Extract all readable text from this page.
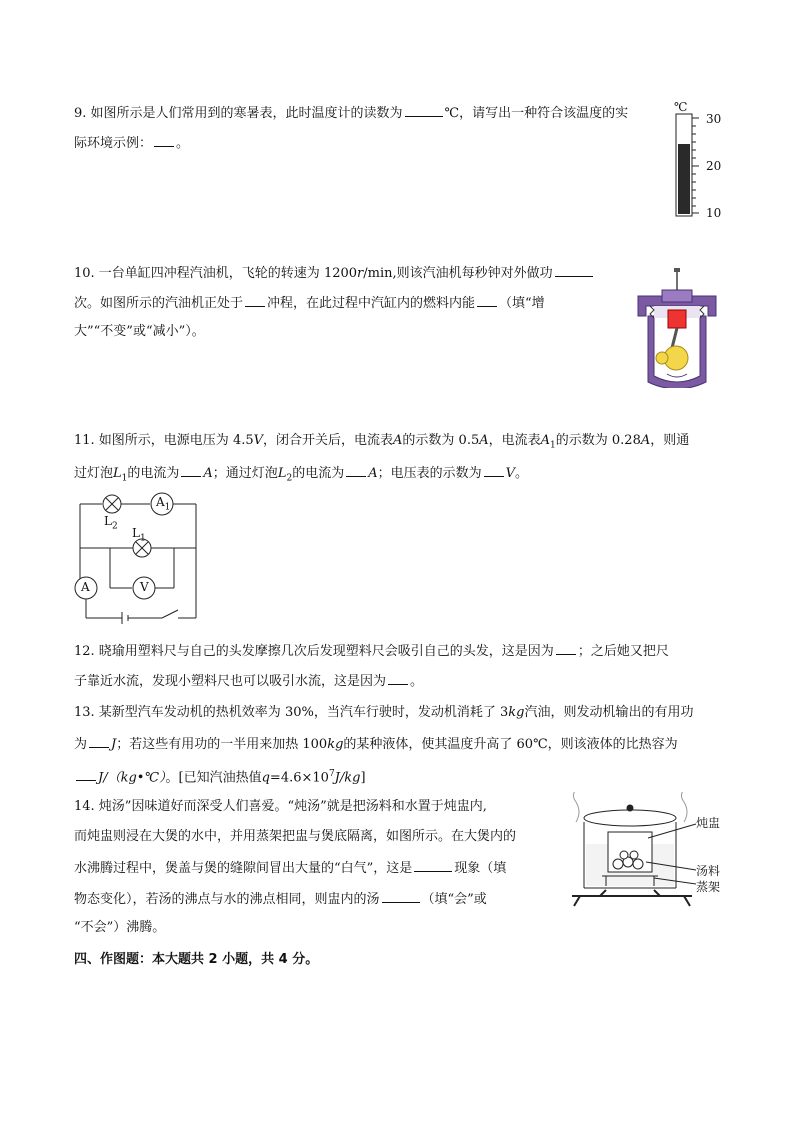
9. 如图所示是人们常用到的寒暑表，此时温度计的读数为	℃，请写出一种符合该温度的实
际环境示例： 。
℃
30
20
10
10. 一台单缸四冲程汽油机，飞轮的转速为 1200r/min,则该汽油机每秒钟对外做功
次。如图所示的汽油机正处于 冲程，在此过程中汽缸内的燃料内能 （填“增
大”“不变”或“减小”）。
11. 如图所示，电源电压为 4.5V，闭合开关后，电流表A的示数为 0.5A，电流表$A_1$的示数为 0.28A，则通
过灯泡$L_1$的电流为 A；通过灯泡$L_2$的电流为 A；电压表的示数为 V。
$L_2$ $L_1$
$A_1$
A	V
12. 晓瑜用塑料尺与自己的头发摩擦几次后发现塑料尺会吸引自己的头发，这是因为 ；之后她又把尺
子靠近水流，发现小塑料尺也可以吸引水流，这是因为 。
13. 某新型汽车发动机的热机效率为 30%，当汽车行驶时，发动机消耗了 3kg汽油，则发动机输出的有用功
为 J；若这些有用功的一半用来加热 100kg的某种液体，使其温度升高了 60℃，则该液体的比热容为
J/（kg•℃）。[已知汽油热值$q=4.6\times 10^7J/kg$]
14. 炖汤”因味道好而深受人们喜爱。“炖汤”就是把汤料和水置于炖盅内,
而炖盅则浸在大煲的水中，并用蒸架把盅与煲底隔离，如图所示。在大煲内的
水沸腾过程中，煲盖与煲的缝隙间冒出大量的“白气”，这是	现象（填
物态变化），若汤的沸点与水的沸点相同，则盅内的汤	（填“会”或
“不会”）沸腾。
炖盅
汤料
蒸架
四、作图题：本大题共 2 小题，共 4 分。
